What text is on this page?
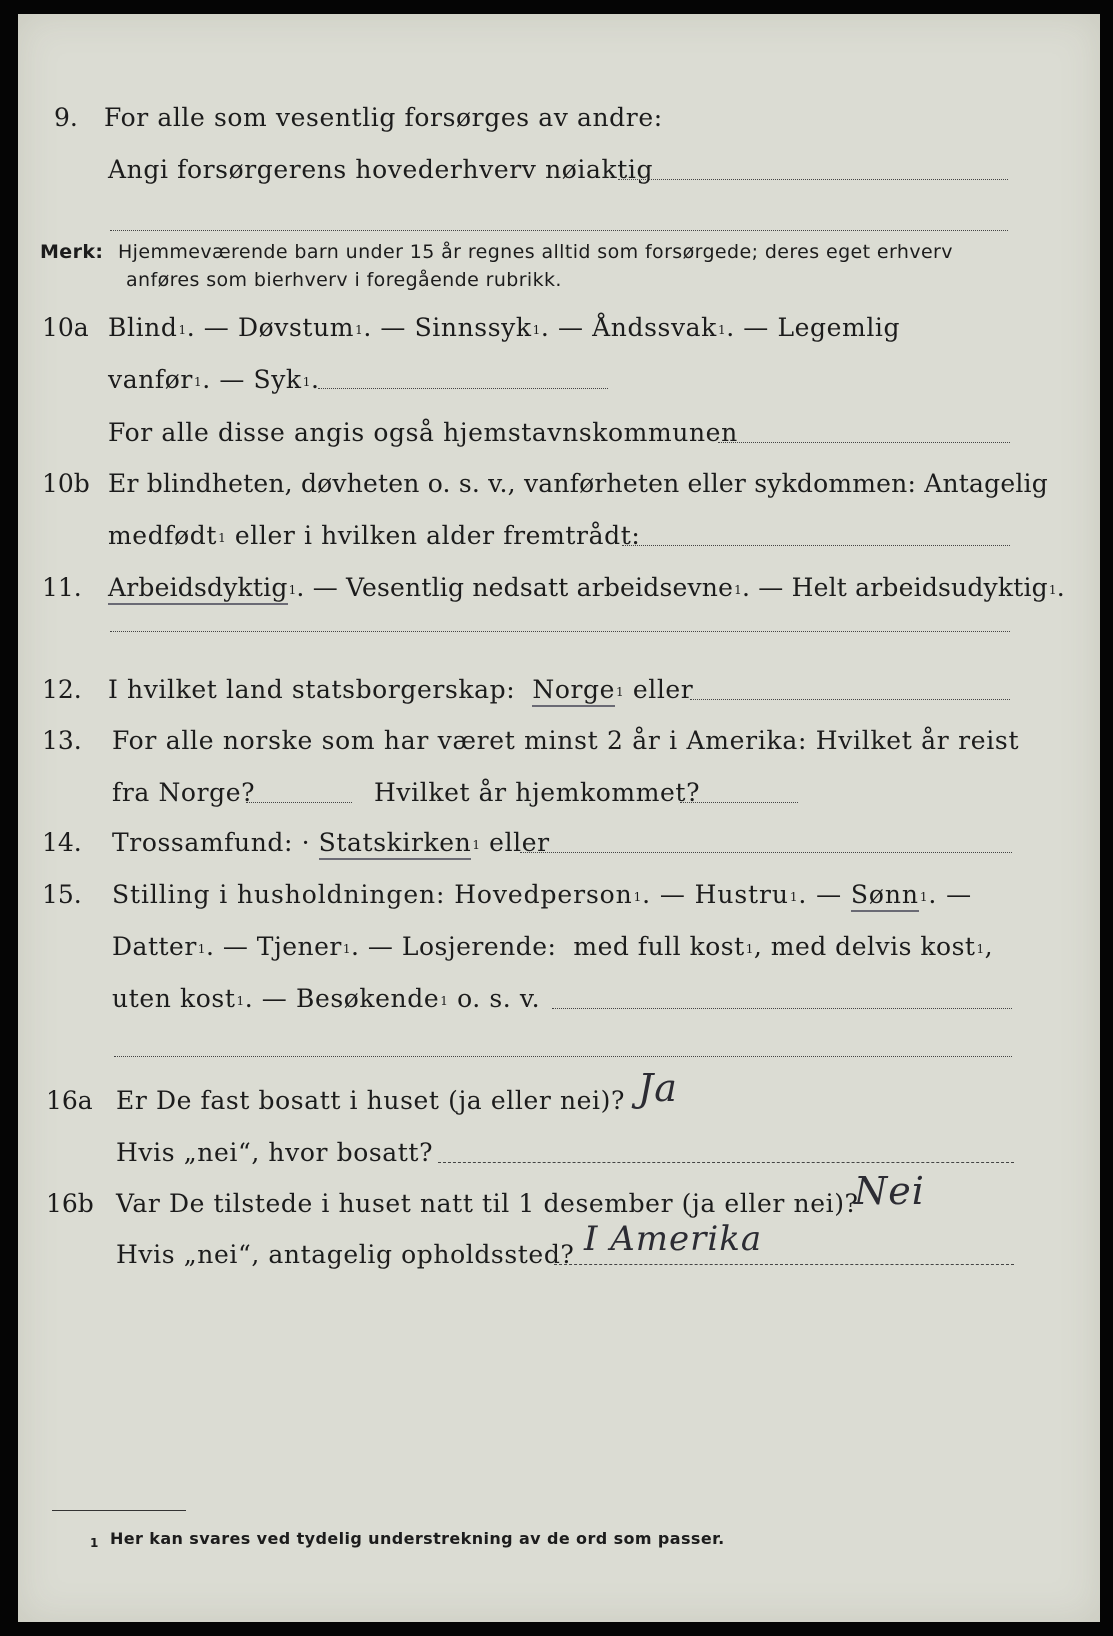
9. For alle som vesentlig forsørges av andre:
Angi forsørgerens hovederhverv nøiaktig
Merk: Hjemmeværende barn under 15 år regnes alltid som forsørgede; deres eget erhverv
anføres som bierhverv i foregående rubrikk.
10a Blind$^1$. — Døvstum$^1$. — Sinnssyk$^1$. — Åndssvak$^1$. — Legemlig
vanfør$^1$. — Syk$^1$.
For alle disse angis også hjemstavnskommunen
10b Er blindheten, døvheten o. s. v., vanførheten eller sykdommen: Antagelig
medfødt$^1$ eller i hvilken alder fremtrådt:
11. Arbeidsdyktig$^1$. — Vesentlig nedsatt arbeidsevne$^1$. — Helt arbeidsudyktig$^1$.
12. I hvilket land statsborgerskap: Norge$^1$ eller
13. For alle norske som har været minst 2 år i Amerika: Hvilket år reist
fra Norge?	Hvilket år hjemkommet?
14. Trossamfund: · Statskirken$^1$ eller
15. Stilling i husholdningen: Hovedperson$^1$. — Hustru$^1$. — Sønn$^1$. —
Datter$^1$. — Tjener$^1$. — Losjerende: med full kost$^1$, med delvis kost$^1$,
uten kost$^1$. — Besøkende$^1$ o. s. v.
16a Er De fast bosatt i huset (ja eller nei)? Ja
Hvis „nei“, hvor bosatt?
16b Var De tilstede i huset natt til 1 desember (ja eller nei)?
Nei
Hvis „nei“, antagelig opholdssted? I Amerika
1 Her kan svares ved tydelig understrekning av de ord som passer.
